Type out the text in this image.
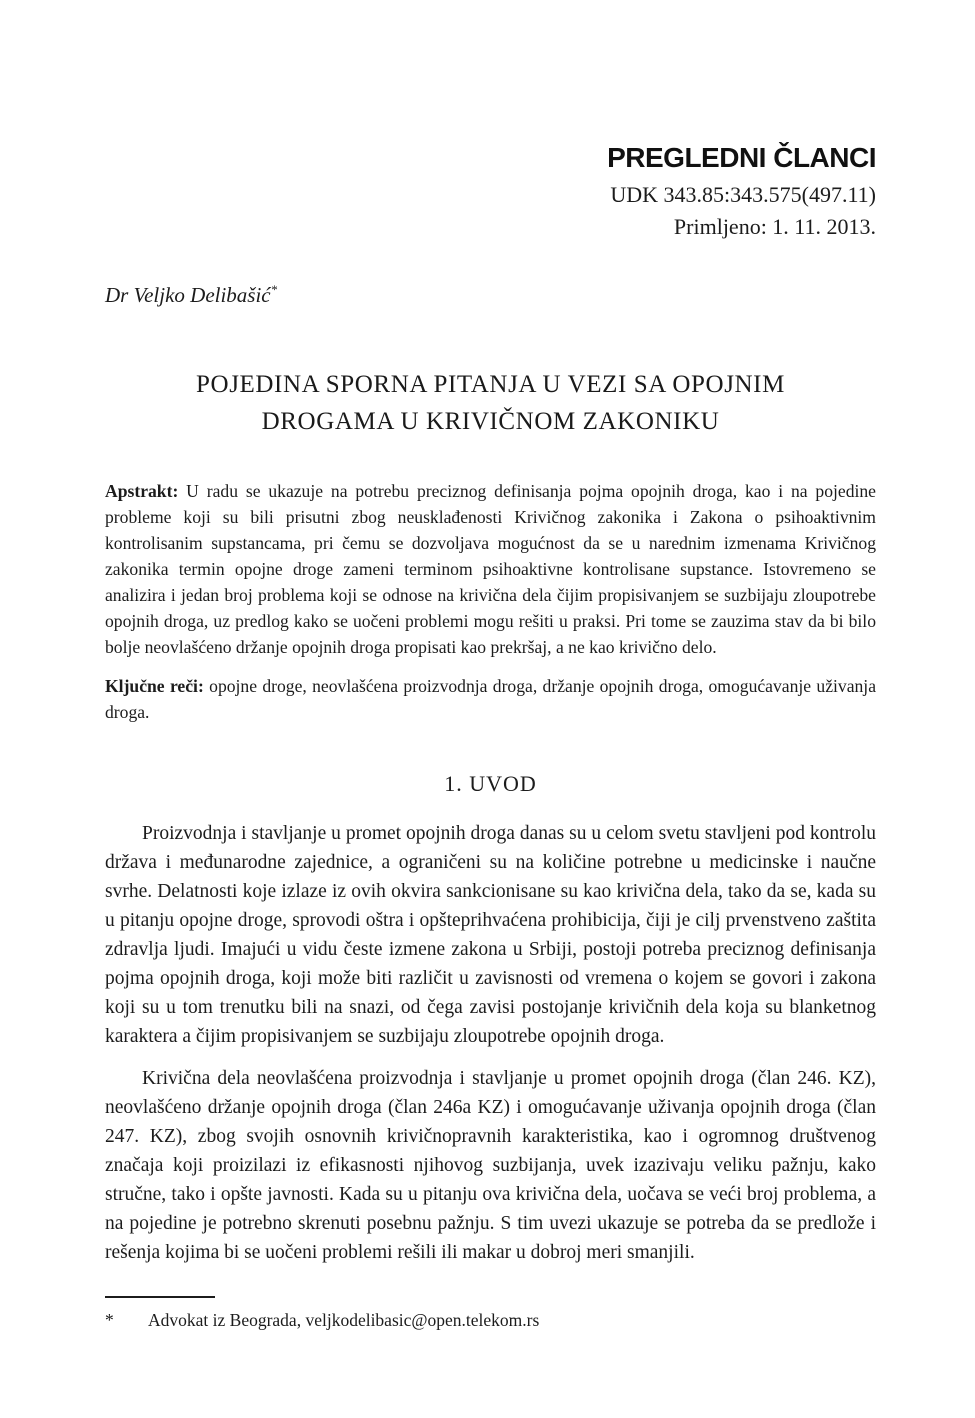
PREGLEDNI ČLANCI
UDK 343.85:343.575(497.11)
Primljeno: 1. 11. 2013.
Dr Veljko Delibašić*
POJEDINA SPORNA PITANJA U VEZI SA OPOJNIM
DROGAMA U KRIVIČNOM ZAKONIKU

Apstrakt: U radu se ukazuje na potrebu preciznog definisanja pojma opojnih droga, kao i na pojedine probleme koji su bili prisutni zbog neusklađenosti Krivičnog zakonika i Zakona o psihoaktivnim kontrolisanim supstancama, pri čemu se dozvoljava mogućnost da se u narednim izmenama Krivičnog zakonika termin opojne droge zameni terminom psihoaktivne kontrolisane supstance. Istovremeno se analizira i jedan broj problema koji se odnose na krivična dela čijim propisivanjem se suzbijaju zloupotrebe opojnih droga, uz predlog kako se uočeni problemi mogu rešiti u praksi. Pri tome se zauzima stav da bi bilo bolje neovlašćeno držanje opojnih droga propisati kao prekršaj, a ne kao krivično delo.

Ključne reči: opojne droge, neovlašćena proizvodnja droga, držanje opojnih droga, omogućavanje uživanja droga.

1. UVOD

Proizvodnja i stavljanje u promet opojnih droga danas su u celom svetu stavljeni pod kontrolu država i međunarodne zajednice, a ograničeni su na količine potrebne u medicinske i naučne svrhe. Delatnosti koje izlaze iz ovih okvira sankcionisane su kao krivična dela, tako da se, kada su u pitanju opojne droge, sprovodi oštra i opšteprihvaćena prohibicija, čiji je cilj prvenstveno zaštita zdravlja ljudi. Imajući u vidu česte izmene zakona u Srbiji, postoji potreba preciznog definisanja pojma opojnih droga, koji može biti različit u zavisnosti od vremena o kojem se govori i zakona koji su u tom trenutku bili na snazi, od čega zavisi postojanje krivičnih dela koja su blanketnog karaktera a čijim propisivanjem se suzbijaju zloupotrebe opojnih droga.

Krivična dela neovlašćena proizvodnja i stavljanje u promet opojnih droga (član 246. KZ), neovlašćeno držanje opojnih droga (član 246a KZ) i omogućavanje uživanja opojnih droga (član 247. KZ), zbog svojih osnovnih krivičnopravnih karakteristika, kao i ogromnog društvenog značaja koji proizilazi iz efikasnosti njihovog suzbijanja, uvek izazivaju veliku pažnju, kako stručne, tako i opšte javnosti. Kada su u pitanju ova krivična dela, uočava se veći broj problema, a na pojedine je potrebno skrenuti posebnu pažnju. S tim uvezi ukazuje se potreba da se predlože i rešenja kojima bi se uočeni problemi rešili ili makar u dobroj meri smanjili.

* Advokat iz Beograda, veljkodelibasic@open.telekom.rs
